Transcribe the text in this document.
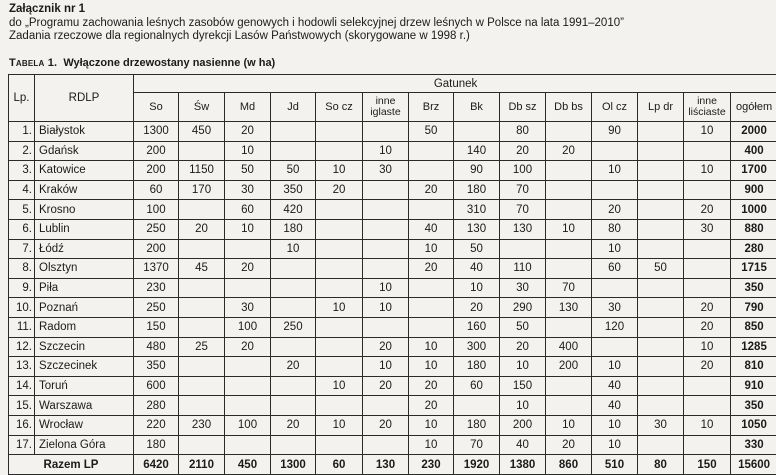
Załącznik nr 1
do „Programu zachowania leśnych zasobów genowych i hodowli selekcyjnej drzew leśnych w Polsce na lata 1991–2010”
Zadania rzeczowe dla regionalnych dyrekcji Lasów Państwowych (skorygowane w 1998 r.)
Tabela 1. Wyłączone drzewostany nasienne (w ha)
Lp.	RDLP	Gatunek													
		So	Św	Md	Jd	So cz	inne
iglaste	Brz	Bk	Db sz	Db bs	Ol cz	Lp dr	inne
liściaste	ogółem
1.	Białystok	1300	450	20				50		80		90		10	2000
2.	Gdańsk	200		10			10		140	20	20				400
3.	Katowice	200	1150	50	50	10	30		90	100		10		10	1700
4.	Kraków	60	170	30	350	20		20	180	70					900
5.	Krosno	100		60	420				310	70		20		20	1000
6.	Lublin	250	20	10	180			40	130	130	10	80		30	880
7.	Łódź	200			10			10	50			10			280
8.	Olsztyn	1370	45	20				20	40	110		60	50		1715
9.	Piła	230					10		10	30	70				350
10.	Poznań	250		30		10	10		20	290	130	30		20	790
11.	Radom	150		100	250				160	50		120		20	850
12.	Szczecin	480	25	20			20	10	300	20	400			10	1285
13.	Szczecinek	350			20		10	10	180	10	200	10		20	810
14.	Toruń	600				10	20	20	60	150		40			910
15.	Warszawa	280						20		10		40			350
16.	Wrocław	220	230	100	20	10	20	10	180	200	10	10	30	10	1050
17.	Zielona Góra	180						10	70	40	20	10			330
Razem LP		6420	2110	450	1300	60	130	230	1920	1380	860	510	80	150	15600
